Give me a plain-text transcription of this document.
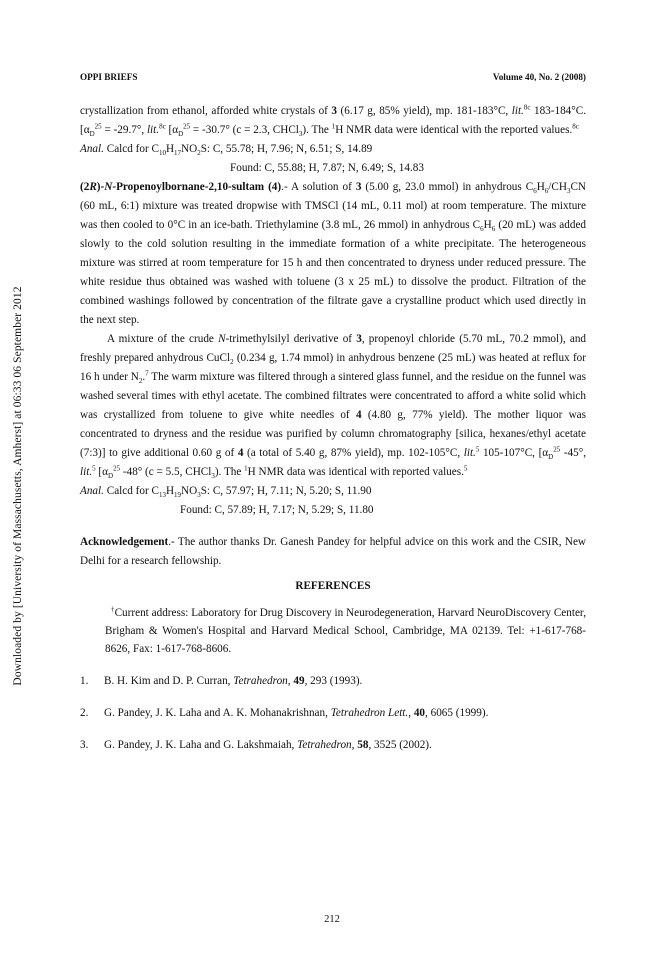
Downloaded by [University of Massachusetts, Amherst] at 06:33 06 September 2012
OPPI BRIEFS	Volume 40, No. 2 (2008)

crystallization from ethanol, afforded white crystals of 3 (6.17 g, 85% yield), mp. 181-183°C, lit.$^{8c}$ 183-184°C. [$\alpha_D^{25} = -29.7^\circ$, lit.$^{8c}$ [$\alpha_D^{25} = -30.7^\circ$ (c = 2.3, CHCl$_3$). The $^1$H NMR data were identical with the reported values.$^{8c}$

Anal. Calcd for $C_{10}H_{17}NO_2S$: C, 55.78; H, 7.96; N, 6.51; S, 14.89

Found: C, 55.88; H, 7.87; N, 6.49; S, 14.83

(2R)-N-Propenoylbornane-2,10-sultam (4).- A solution of 3 (5.00 g, 23.0 mmol) in anhydrous $C_6H_6/CH_3CN$ (60 mL, 6:1) mixture was treated dropwise with TMSCl (14 mL, 0.11 mol) at room temperature. The mixture was then cooled to 0°C in an ice-bath. Triethylamine (3.8 mL, 26 mmol) in anhydrous $C_6H_6$ (20 mL) was added slowly to the cold solution resulting in the immediate formation of a white precipitate. The heterogeneous mixture was stirred at room temperature for 15 h and then concentrated to dryness under reduced pressure. The white residue thus obtained was washed with toluene (3 x 25 mL) to dissolve the product. Filtration of the combined washings followed by concentration of the filtrate gave a crystalline product which used directly in the next step.

A mixture of the crude N-trimethylsilyl derivative of 3, propenoyl chloride (5.70 mL, 70.2 mmol), and freshly prepared anhydrous CuCl$_2$ (0.234 g, 1.74 mmol) in anhydrous benzene (25 mL) was heated at reflux for 16 h under $N_2.^7$ The warm mixture was filtered through a sintered glass funnel, and the residue on the funnel was washed several times with ethyl acetate. The combined filtrates were concentrated to afford a white solid which was crystallized from toluene to give white needles of 4 (4.80 g, 77% yield). The mother liquor was concentrated to dryness and the residue was purified by column chromatography [silica, hexanes/ethyl acetate (7:3)] to give additional 0.60 g of 4 (a total of 5.40 g, 87% yield), mp. 102-105°C, lit.$^5$ 105-107°C, [$\alpha_D^{25}$ -45°, lit.$^5$ [$\alpha_D^{25}$ -48° (c = 5.5, CHCl$_3$). The $^1$H NMR data was identical with reported values.$^5$

Anal. Calcd for $C_{13}H_{19}NO_3S$: C, 57.97; H, 7.11; N, 5.20; S, 11.90

Found: C, 57.89; H, 7.17; N, 5.29; S, 11.80

Acknowledgement.- The author thanks Dr. Ganesh Pandey for helpful advice on this work and the CSIR, New Delhi for a research fellowship.

REFERENCES

†Current address: Laboratory for Drug Discovery in Neurodegeneration, Harvard NeuroDiscovery Center, Brigham & Women's Hospital and Harvard Medical School, Cambridge, MA 02139. Tel: +1-617-768-8626, Fax: 1-617-768-8606.

1.	B. H. Kim and D. P. Curran, Tetrahedron, 49, 293 (1993).
2.	G. Pandey, J. K. Laha and A. K. Mohanakrishnan, Tetrahedron Lett., 40, 6065 (1999).
3.	G. Pandey, J. K. Laha and G. Lakshmaiah, Tetrahedron, 58, 3525 (2002).
212
